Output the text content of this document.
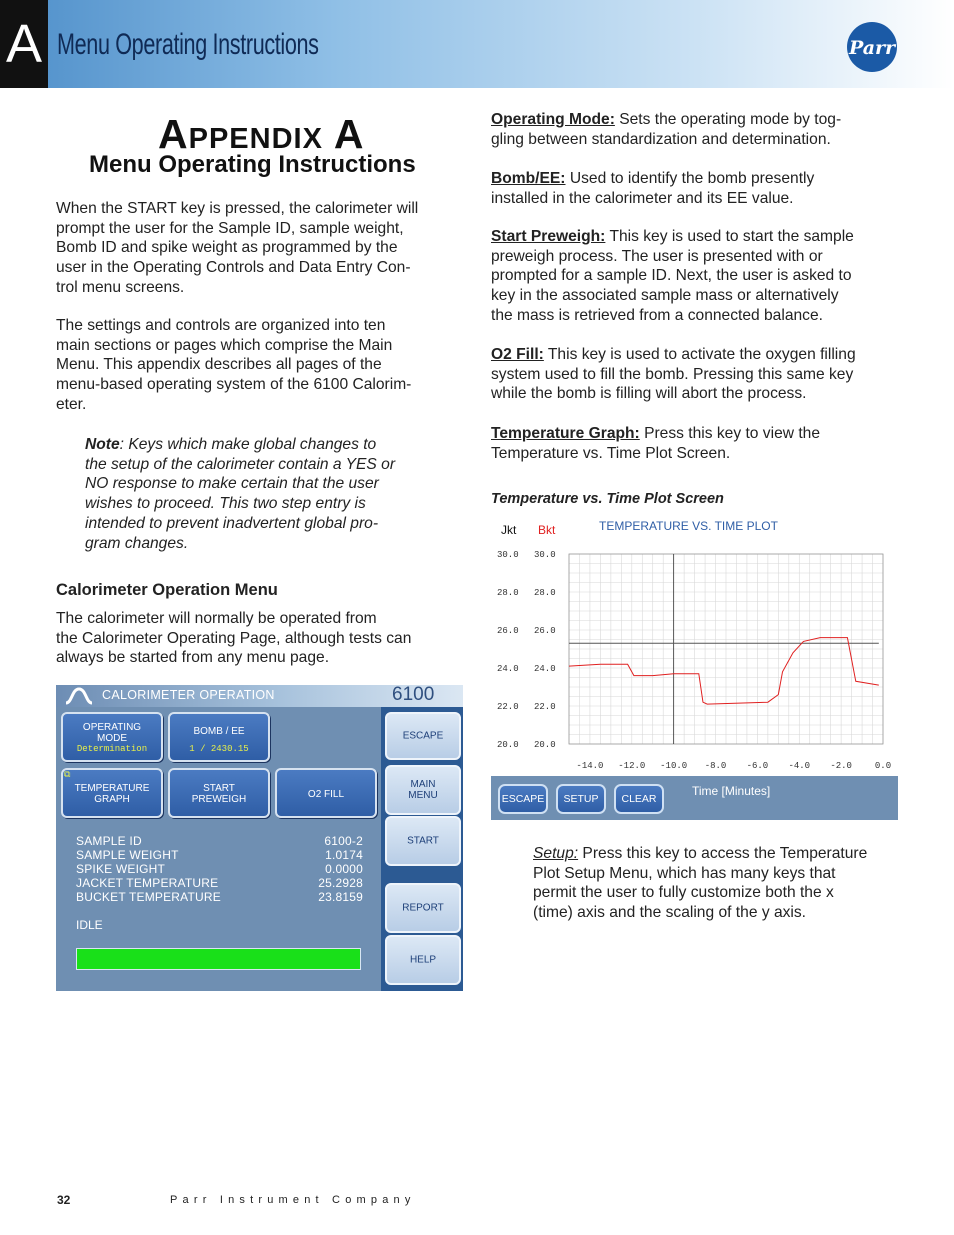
A Menu Operating Instructions	Parr
APPENDIX A
Menu Operating Instructions
When the START key is pressed, the calorimeter will
prompt the user for the Sample ID, sample weight,
Bomb ID and spike weight as programmed by the
user in the Operating Controls and Data Entry Con-
trol menu screens.
The settings and controls are organized into ten
main sections or pages which comprise the Main
Menu. This appendix describes all pages of the
menu-based operating system of the 6100 Calorim-
eter.
Note: Keys which make global changes to
the setup of the calorimeter contain a YES or
NO response to make certain that the user
wishes to proceed. This two step entry is
intended to prevent inadvertent global pro-
gram changes.
Calorimeter Operation Menu
The calorimeter will normally be operated from
the Calorimeter Operating Page, although tests can
always be started from any menu page.
CALORIMETER OPERATION	6100
OPERATING
MODE
Determination
BOMB / EE
1 / 2430.15
TEMPERATURE
GRAPH
⧉
START
PREWEIGH	O2 FILL
SAMPLE ID	6100-2
SAMPLE WEIGHT	1.0174
SPIKE WEIGHT	0.0000
JACKET TEMPERATURE	25.2928
BUCKET TEMPERATURE	23.8159
IDLE
ESCAPE
MAIN
MENU
START
REPORT
HELP
Operating Mode: Sets the operating mode by tog-
gling between standardization and determination.
Bomb/EE: Used to identify the bomb presently
installed in the calorimeter and its EE value.
Start Preweigh: This key is used to start the sample
preweigh process. The user is presented with or
prompted for a sample ID. Next, the user is asked to
key in the associated sample mass or alternatively
the mass is retrieved from a connected balance.
O2 Fill: This key is used to activate the oxygen filling
system used to fill the bomb. Pressing this same key
while the bomb is filling will abort the process.
Temperature Graph: Press this key to view the
Temperature vs. Time Plot Screen.
Temperature vs. Time Plot Screen
30.0 30.0
28.0 28.0
26.0 26.0
24.0 24.0
22.0 22.0
20.0 20.0
-14.0 -12.0 -10.0 -8.0 -6.0 -4.0 -2.0	0.0
Jkt Bkt	TEMPERATURE VS. TIME PLOT
Time [Minutes]
ESCAPE	SETUP	CLEAR
Setup: Press this key to access the Temperature
Plot Setup Menu, which has many keys that
permit the user to fully customize both the x
(time) axis and the scaling of the y axis.
32	Parr Instrument Company
